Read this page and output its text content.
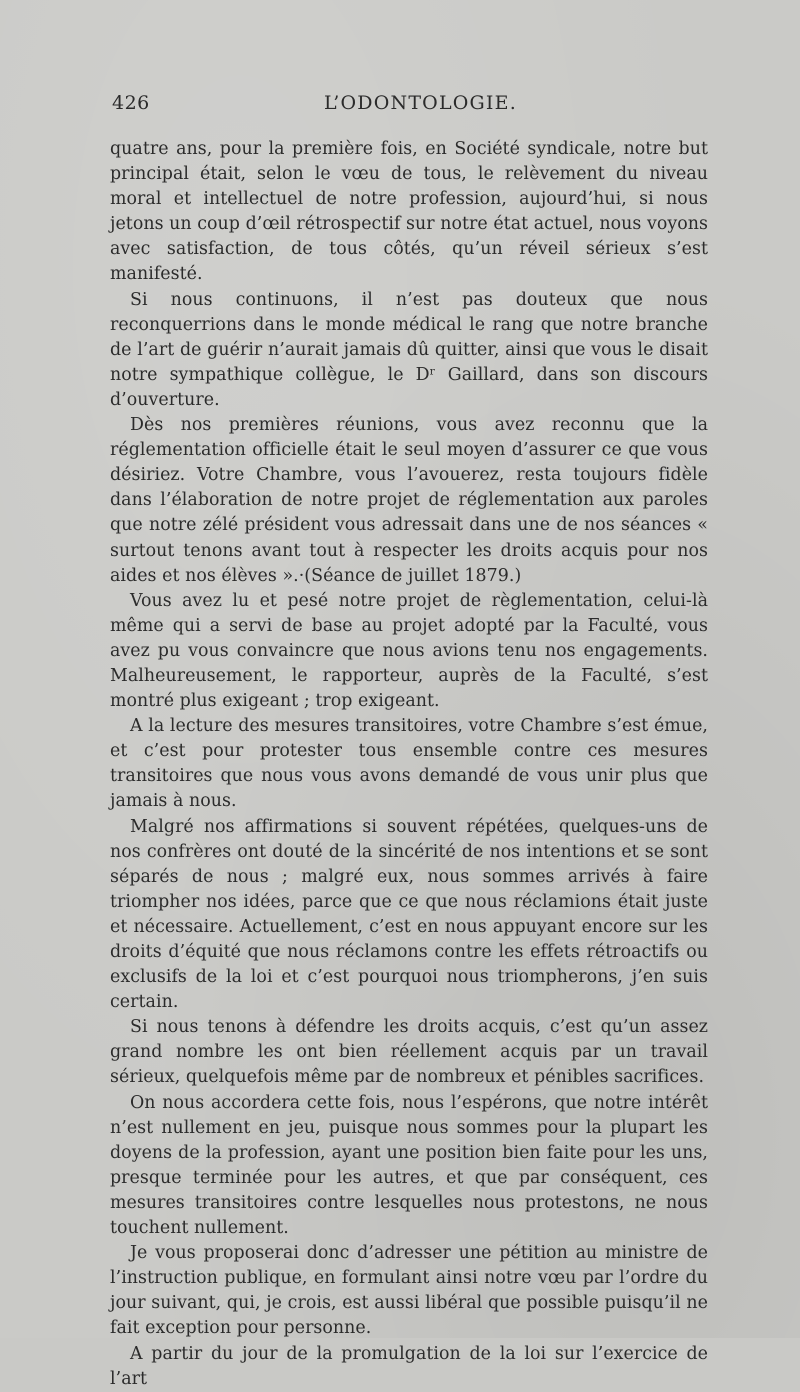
426	L’ODONTOLOGIE.

quatre ans, pour la première fois, en Société syndicale, notre but principal était, selon le vœu de tous, le relèvement du niveau moral et intellectuel de notre profession, aujourd’hui, si nous jetons un coup d’œil rétrospectif sur notre état actuel, nous voyons avec satisfaction, de tous côtés, qu’un réveil sérieux s’est manifesté.

Si nous continuons, il n’est pas douteux que nous reconquerrions dans le monde médical le rang que notre branche de l’art de guérir n’aurait jamais dû quitter, ainsi que vous le disait notre sympathique collègue, le Dʳ Gaillard, dans son discours d’ouverture.

Dès nos premières réunions, vous avez reconnu que la réglementation officielle était le seul moyen d’assurer ce que vous désiriez. Votre Chambre, vous l’avouerez, resta toujours fidèle dans l’élaboration de notre projet de réglementation aux paroles que notre zélé président vous adressait dans une de nos séances « surtout tenons avant tout à respecter les droits acquis pour nos aides et nos élèves ».·(Séance de juillet 1879.)

Vous avez lu et pesé notre projet de règlementation, celui-là même qui a servi de base au projet adopté par la Faculté, vous avez pu vous convaincre que nous avions tenu nos engagements. Malheureusement, le rapporteur, auprès de la Faculté, s’est montré plus exigeant ; trop exigeant.

A la lecture des mesures transitoires, votre Chambre s’est émue, et c’est pour protester tous ensemble contre ces mesures transitoires que nous vous avons demandé de vous unir plus que jamais à nous.

Malgré nos affirmations si souvent répétées, quelques-uns de nos confrères ont douté de la sincérité de nos intentions et se sont séparés de nous ; malgré eux, nous sommes arrivés à faire triompher nos idées, parce que ce que nous réclamions était juste et nécessaire. Actuellement, c’est en nous appuyant encore sur les droits d’équité que nous réclamons contre les effets rétroactifs ou exclusifs de la loi et c’est pourquoi nous triompherons, j’en suis certain.

Si nous tenons à défendre les droits acquis, c’est qu’un assez grand nombre les ont bien réellement acquis par un travail sérieux, quelquefois même par de nombreux et pénibles sacrifices.

On nous accordera cette fois, nous l’espérons, que notre intérêt n’est nullement en jeu, puisque nous sommes pour la plupart les doyens de la profession, ayant une position bien faite pour les uns, presque terminée pour les autres, et que par conséquent, ces mesures transitoires contre lesquelles nous protestons, ne nous touchent nullement.

Je vous proposerai donc d’adresser une pétition au ministre de l’instruction publique, en formulant ainsi notre vœu par l’ordre du jour suivant, qui, je crois, est aussi libéral que possible puisqu’il ne fait exception pour personne.

A partir du jour de la promulgation de la loi sur l’exercice de l’art
